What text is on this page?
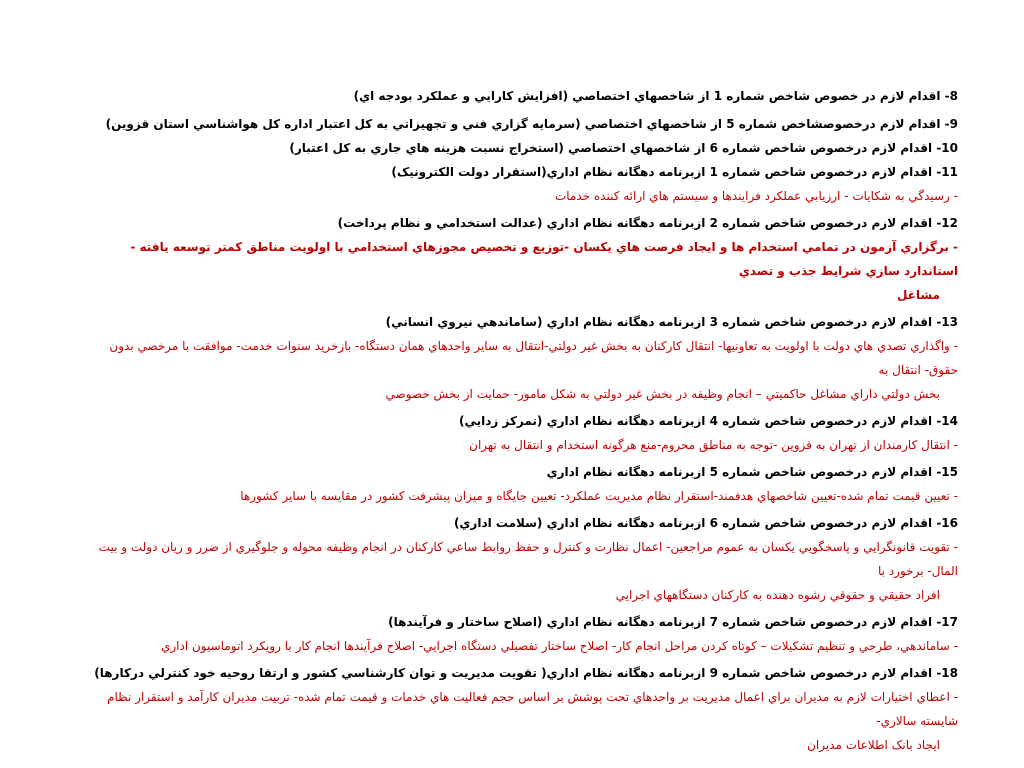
8- اقدام لازم در خصوص شاخص شماره 1 از شاخصهاي اختصاصي (افزايش کارايي و عملکرد بودجه اي)

9- اقدام لازم درخصوصشاخص شماره 5 از شاخصهاي اختصاصي (سرمايه گزاري فني و تجهيزاتي به کل اعتبار اداره کل هواشناسي استان قزوين)

10- اقدام لازم درخصوص شاخص شماره 6 از شاخصهاي اختصاصي (استخراج نسبت هزينه هاي جاري به کل اعتبار)

11- اقدام لازم درخصوص شاخص شماره 1 ازبرنامه دهگانه نظام اداري(استقرار دولت الکترونيک)

- رسيدگي به شکايات - ارزيابي عملکرد فرايندها و سيستم هاي ارائه کننده خدمات

12- اقدام لازم درخصوص شاخص شماره 2 ازبرنامه دهگانه نظام اداري (عدالت استخدامي و نظام پرداخت)

- برگزاري آزمون در تمامي استخدام ها و ايجاد فرصت هاي يکسان -توزيع و تخصيص مجوزهاي استخدامي با اولويت مناطق کمتر توسعه يافته - استاندارد سازي شرايط جذب و تصدي
مشاغل

13- اقدام لازم درخصوص شاخص شماره 3 ازبرنامه دهگانه نظام اداري (ساماندهي نيروي انساني)

- واگذاري تصدي هاي دولت با اولويت به تعاونيها- انتقال کارکنان به بخش غير دولتي-انتقال به ساير واحدهاي همان دستگاه- بازخريد سنوات خدمت- موافقت با مرخصي بدون حقوق- انتقال به
بخش دولتي داراي مشاغل حاکميتي – انجام وظيفه در بخش غير دولتي به شکل مامور- حمايت از بخش خصوصي

14- اقدام لازم درخصوص شاخص شماره 4 ازبرنامه دهگانه نظام اداري (تمرکز زدايي)

- انتقال کارمندان از تهران به قزوين -توجه به مناطق محروم-منع هرگونه استخدام و انتقال به تهران

15- اقدام لازم درخصوص شاخص شماره 5 ازبرنامه دهگانه نظام اداري

- تعيين قيمت تمام شده-تعيين شاخصهاي هدفمند-استقرار نظام مديريت عملکرد- تعيين جايگاه و ميزان پيشرفت کشور در مقايسه با ساير کشورها

16- اقدام لازم درخصوص شاخص شماره 6 ازبرنامه دهگانه نظام اداري (سلامت اداري)

- تقويت قانونگرايي و پاسخگويي يکسان به عموم مراجعين- اعمال نظارت و کنترل و حفظ روابط ساعي کارکنان در انجام وظيفه محوله و جلوگيري از ضرر و زيان دولت و بيت المال- برخورد با
افراد حقيقي و حقوقي رشوه دهنده به کارکنان دستگاههاي اجرايي

17- اقدام لازم درخصوص شاخص شماره 7 ازبرنامه دهگانه نظام اداري (اصلاح ساختار و فرآيندها)

- ساماندهي، طرحي و تنظيم تشکيلات – کوتاه کردن مراحل انجام کار- اصلاح ساختار تفصيلي دستگاه اجرايي- اصلاح فرآيندها انجام کار با رويکرد اتوماسيون اداري

18- اقدام لازم درخصوص شاخص شماره 9 ازبرنامه دهگانه نظام اداري( تقويت مديريت و توان کارشناسي کشور و ارتقا روحيه خود کنترلي درکارها)

- اعطاي اختيارات لازم به مديران براي اعمال مديريت بر واحدهاي تحت پوشش بر اساس حجم فعاليت هاي خدمات و قيمت تمام شده- تربيت مديران کارآمد و استقرار نظام شايسته سالاري-
ايجاد بانک اطلاعات مديران
